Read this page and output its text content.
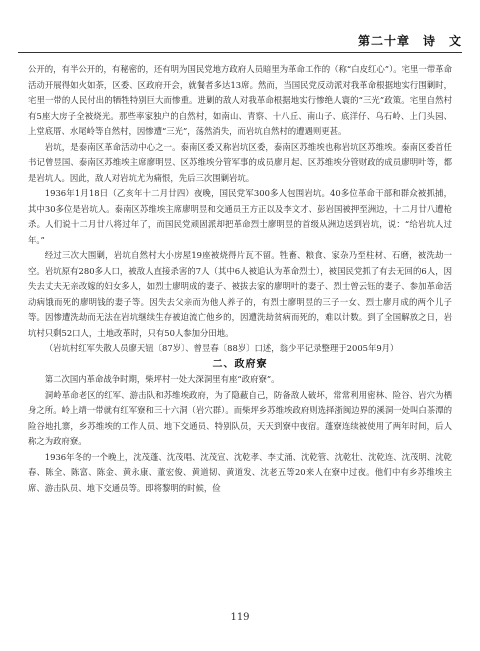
第二十章　诗　文

公开的，有半公开的，有秘密的，还有明为国民党地方政府人员暗里为革命工作的（称“白皮红心”）。宅里一带革命活动开展得如火如荼，区委、区政府开会，就餐者多达13席。然而，当国民党反动派对我革命根据地实行围剿时，宅里一带的人民付出的牺牲特别巨大而惨重。进剿的敌人对我革命根据地实行惨绝人寰的“三光”政策。宅里自然村有5座大房子全被烧光。那些率家独户的自然村，如南山、青察、十八丘、南山子、底洋仔、乌石岭、上门头园、上堂底厝、水尾岭等自然村，因惨遭“三光”，荡然消失，而岩坑自然村的遭遇则更甚。

岩坑，是泰南区革命活动中心之一。泰南区委又称岩坑区委，泰南区苏维埃也称岩坑区苏维埃。泰南区委首任书记曾昱国、泰南区苏维埃主席廖明昱、区苏维埃分管军事的成员廖月起、区苏维埃分管财政的成员廖明叶等，都是岩坑人。因此，敌人对岩坑尤为痛恨，先后三次围剿岩坑。

1936年1月18日（乙亥年十二月廿四）夜晚，国民党军300多人包围岩坑。40多位革命干部和群众被抓捕，其中30多位是岩坑人。泰南区苏维埃主席廖明昱和交通员王方正以及李文才、彭岩国被押至洲边，十二月廿八遭枪杀。人们说十二月廿八将过年了，而国民党顽固派却把革命烈士廖明昱的首级从洲边送到岩坑，说：“给岩坑人过年。”

经过三次大围剿，岩坑自然村大小房屋19座被烧得片瓦不留。牲畜、粮食、家杂乃至柱材、石磨，被洗劫一空。岩坑原有280多人口，被敌人直接杀害的7人（其中6人被追认为革命烈士），被国民党抓了有去无回的6人，因失去丈夫无亲改嫁的妇女多人，如烈士廖明成的妻子、被拔去家的廖明叶的妻子、烈士曾云钰的妻子、参加革命活动病饿而死的廖明钱的妻子等。因失去父亲而为他人养子的，有烈士廖明昱的三子一女、烈士廖月成的两个儿子等。因惨遭洗劫而无法在岩坑继续生存被迫流亡他乡的，因遭洗劫贫病而死的，难以计数。到了全国解放之日，岩坑村只剩52口人，土地改革时，只有50人参加分田地。

（岩坑村红军失散人员廖天钮〔87岁〕、曾昱春〔88岁〕口述，翁少平记录整理于2005年9月）

二、政府寮

第二次国内革命战争时期，柴坪村一处大深洞里有座“政府寮”。

洞岭革命老区的红军、游击队和苏维埃政府，为了隐蔽自己，防备敌人破坏，常常利用密林、险谷、岩穴为栖身之所。岭上靖一带就有红军寮和三十六洞（岩穴群）。而柴坪乡苏维埃政府则选择浙闽边界的溪洞一处叫白茶潭的险谷地扎寨，乡苏维埃的工作人员、地下交通员、特别队员，天天到寮中夜宿。蓬寮连续被使用了两年时间，后人称之为政府寮。

1936年冬的一个晚上，沈茂蓬、沈茂唱、沈茂宣、沈乾孝、李丈涌、沈乾管、沈乾壮、沈乾连、沈茂明、沈乾春、陈全、陈富、陈金、黄永康、董宏俊、黄道韧、黄道发、沈老五等20来人在寮中过夜。他们中有乡苏维埃主席、游击队员、地下交通员等。即将黎明的时候，俭

119
